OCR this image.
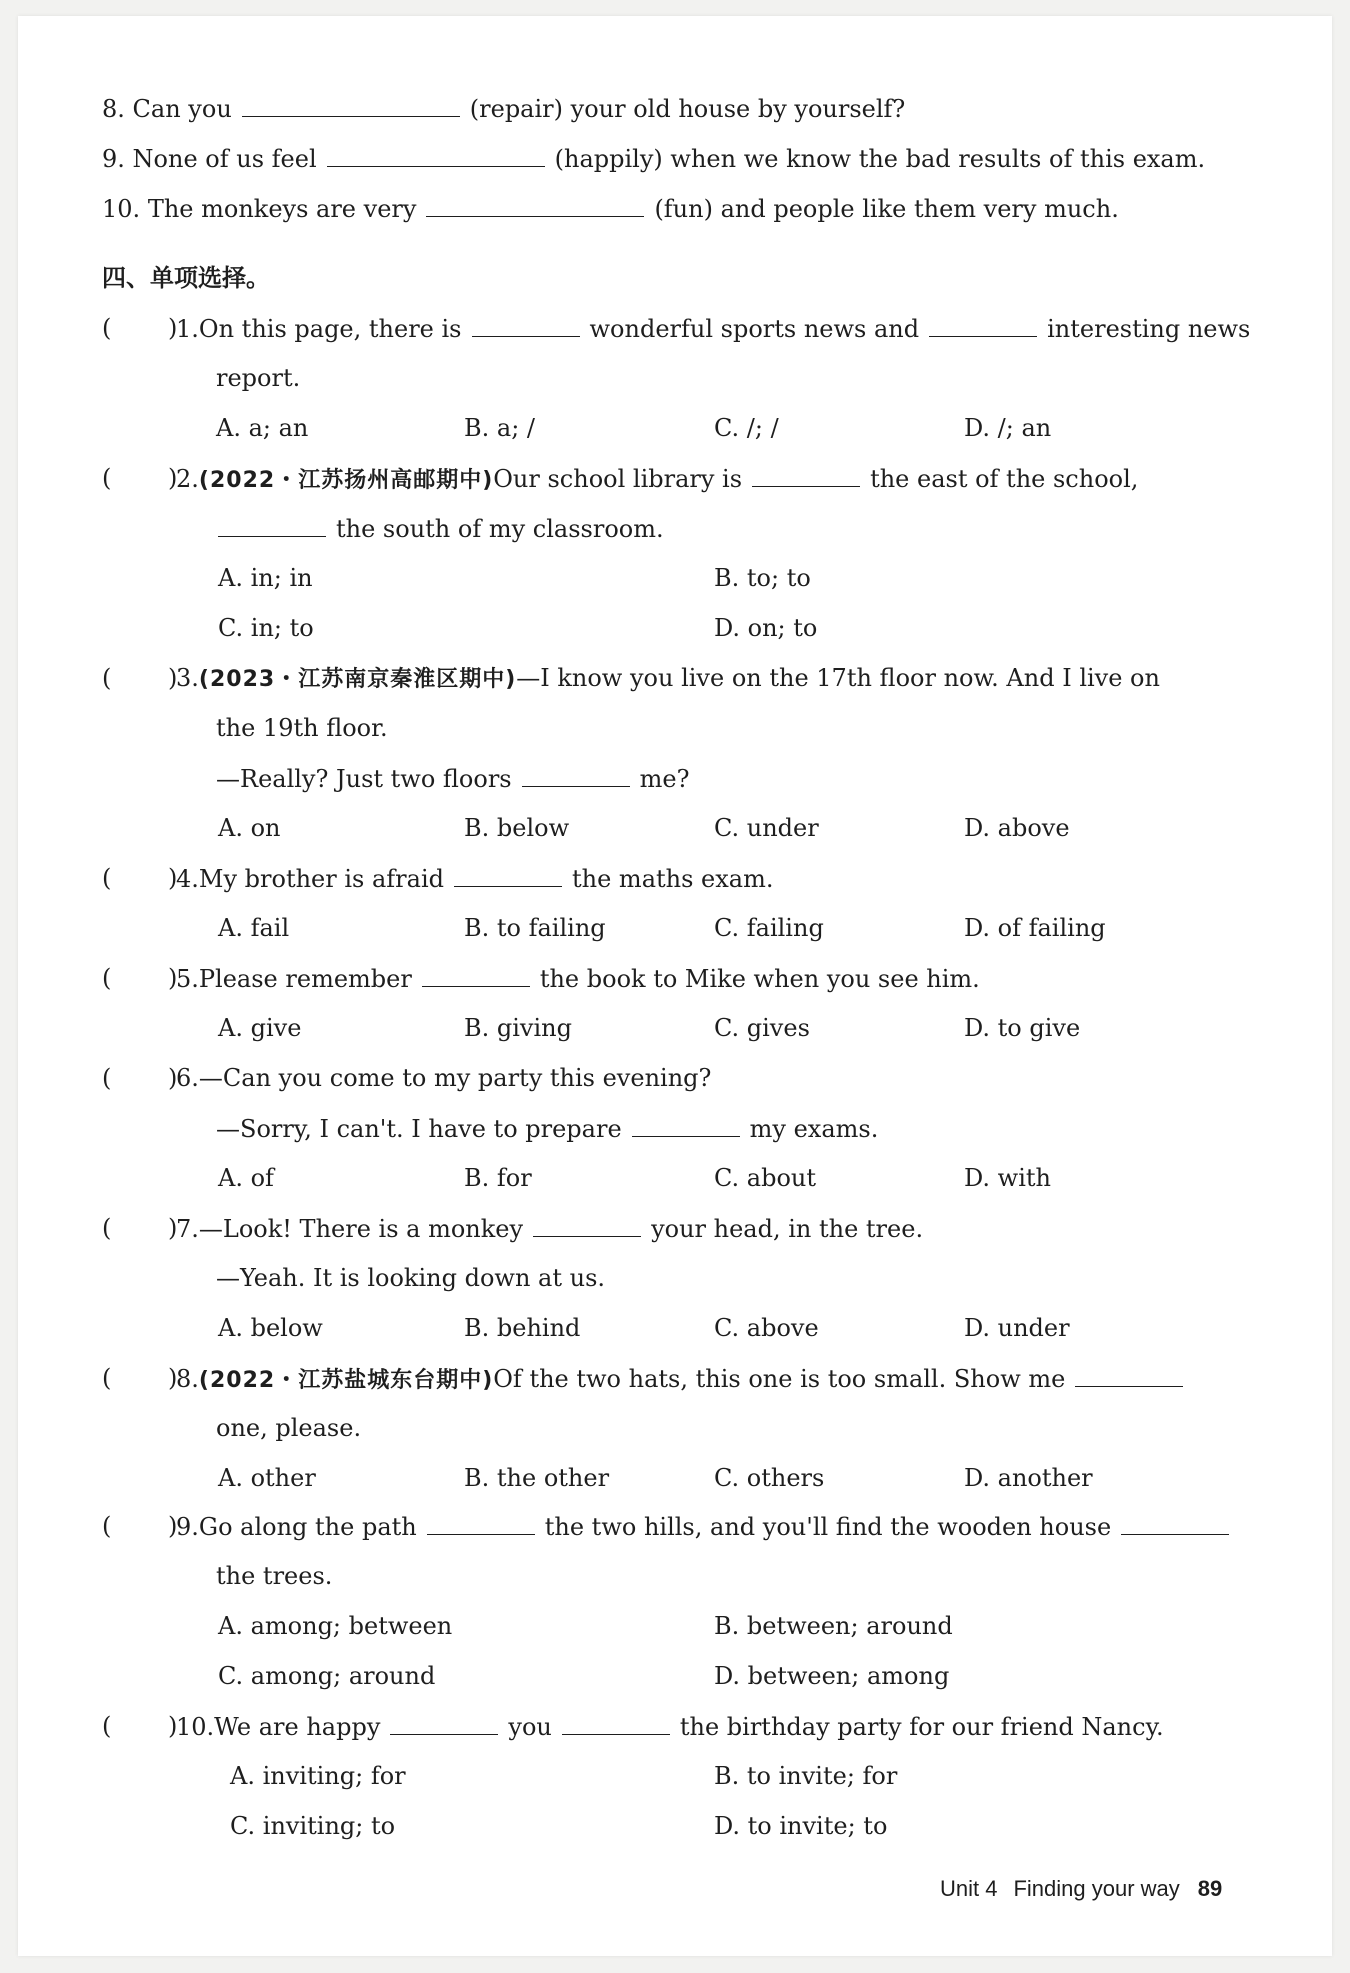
8. Can you	(repair) your old house by yourself?
9. None of us feel	(happily) when we know the bad results of this exam.
10. The monkeys are very	(fun) and people like them very much.
四、单项选择。
( )
1.On this page, there is	wonderful sports news and	interesting news
report.
A. a; an	B. a; /	C. /; /	D. /; an
( )
2.(2022・江苏扬州高邮期中)Our school library is	the east of the school,
the south of my classroom.
A. in; in	B. to; to
C. in; to	D. on; to
( )
3.(2023・江苏南京秦淮区期中)—I know you live on the 17th floor now. And I live on
the 19th floor.
—Really? Just two floors	me?
A. on	B. below	C. under	D. above
( )
4.My brother is afraid	the maths exam.
A. fail	B. to failing	C. failing	D. of failing
( )
5.Please remember	the book to Mike when you see him.
A. give	B. giving	C. gives	D. to give
( )
6.—Can you come to my party this evening?
—Sorry, I can't. I have to prepare	my exams.
A. of	B. for	C. about	D. with
( )
7.—Look! There is a monkey	your head, in the tree.
—Yeah. It is looking down at us.
A. below	B. behind	C. above	D. under
( )
8.(2022・江苏盐城东台期中)Of the two hats, this one is too small. Show me
one, please.
A. other	B. the other	C. others	D. another
( )
9.Go along the path	the two hills, and you'll find the wooden house
the trees.
A. among; between	B. between; around
C. among; around	D. between; among
( )
10.We are happy	you	the birthday party for our friend Nancy.
A. inviting; for	B. to invite; for
C. inviting; to	D. to invite; to
Unit 4 Finding your way 89
